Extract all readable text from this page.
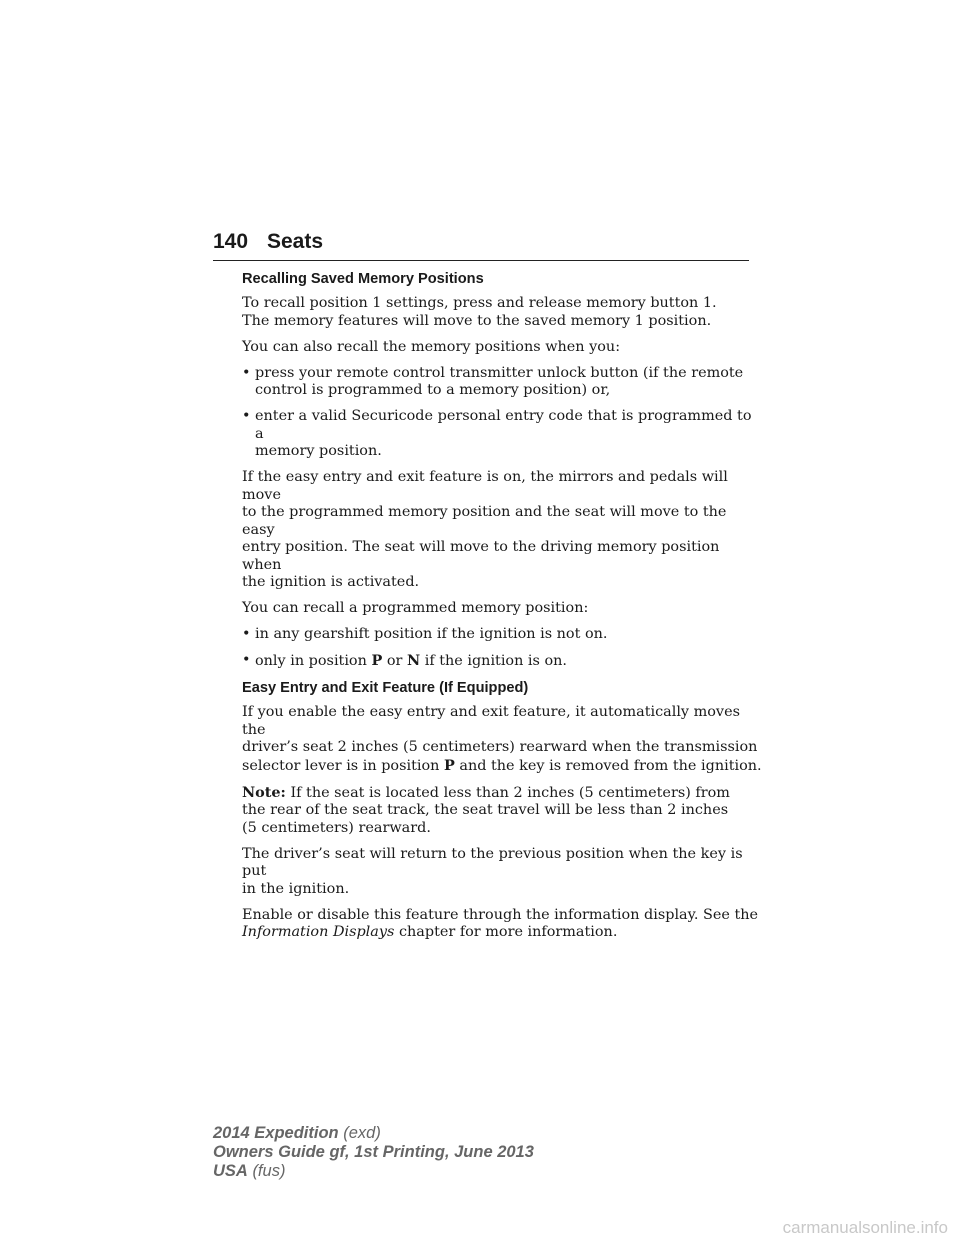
140 Seats
Recalling Saved Memory Positions

To recall position 1 settings, press and release memory button 1.
The memory features will move to the saved memory 1 position.

You can also recall the memory positions when you:

• press your remote control transmitter unlock button (if the remote
control is programmed to a memory position) or,
• enter a valid Securicode personal entry code that is programmed to a
memory position.

If the easy entry and exit feature is on, the mirrors and pedals will move
to the programmed memory position and the seat will move to the easy
entry position. The seat will move to the driving memory position when
the ignition is activated.

You can recall a programmed memory position:

• in any gearshift position if the ignition is not on.
• only in position P or N if the ignition is on.
Easy Entry and Exit Feature (If Equipped)

If you enable the easy entry and exit feature, it automatically moves the
driver’s seat 2 inches (5 centimeters) rearward when the transmission
selector lever is in position P and the key is removed from the ignition.

Note: If the seat is located less than 2 inches (5 centimeters) from
the rear of the seat track, the seat travel will be less than 2 inches
(5 centimeters) rearward.

The driver’s seat will return to the previous position when the key is put
in the ignition.

Enable or disable this feature through the information display. See the
Information Displays chapter for more information.

2014 Expedition (exd)
Owners Guide gf, 1st Printing, June 2013
USA (fus)
carmanualsonline.info
